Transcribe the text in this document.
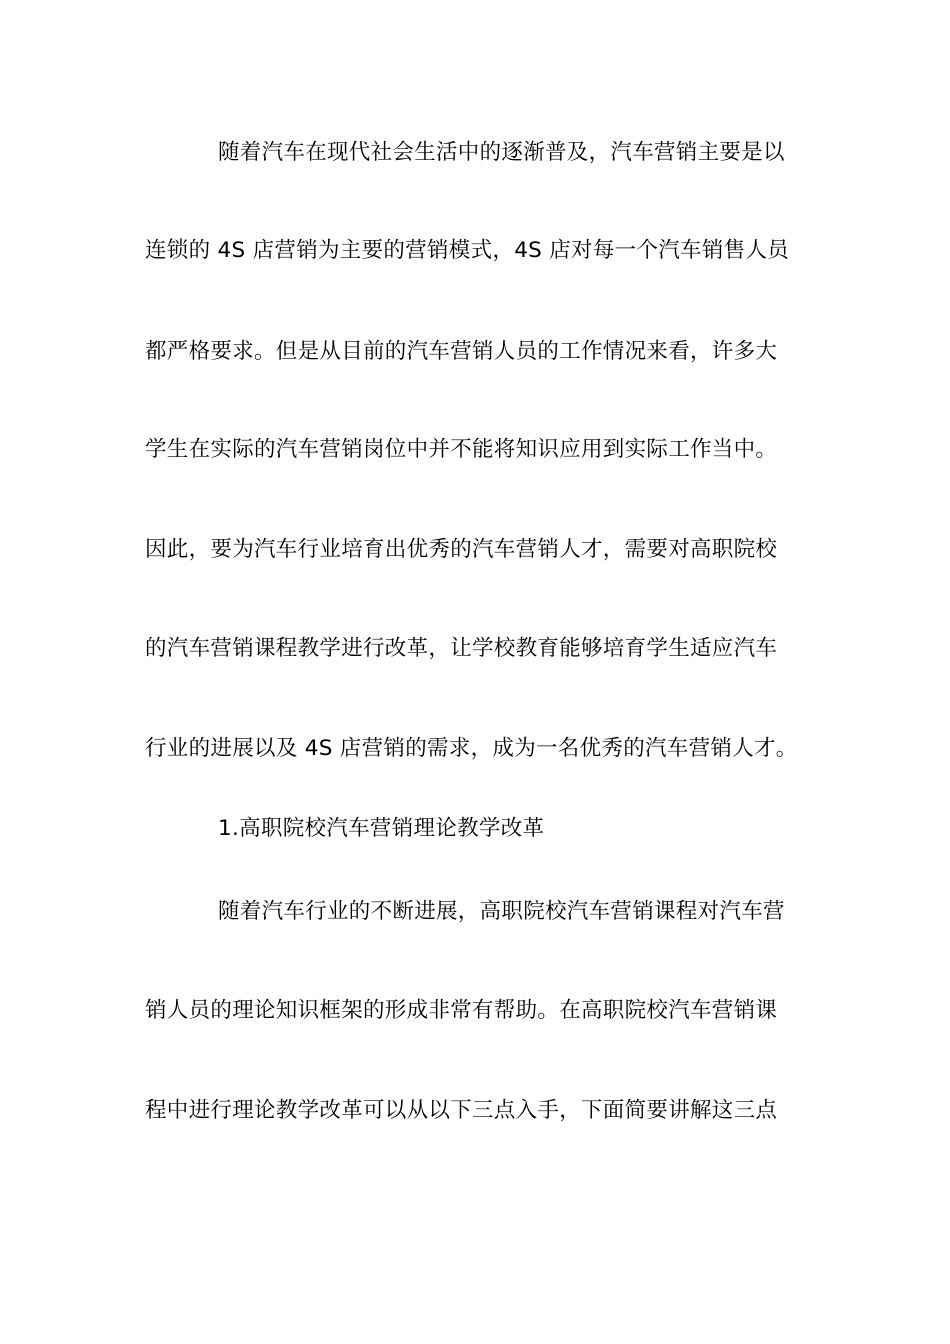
随着汽车在现代社会生活中的逐渐普及，汽车营销主要是以
连锁的 4S 店营销为主要的营销模式，4S 店对每一个汽车销售人员
都严格要求。但是从目前的汽车营销人员的工作情况来看，许多大
学生在实际的汽车营销岗位中并不能将知识应用到实际工作当中。
因此，要为汽车行业培育出优秀的汽车营销人才，需要对高职院校
的汽车营销课程教学进行改革，让学校教育能够培育学生适应汽车
行业的进展以及 4S 店营销的需求，成为一名优秀的汽车营销人才。
1.高职院校汽车营销理论教学改革
随着汽车行业的不断进展，高职院校汽车营销课程对汽车营
销人员的理论知识框架的形成非常有帮助。在高职院校汽车营销课
程中进行理论教学改革可以从以下三点入手，下面简要讲解这三点
